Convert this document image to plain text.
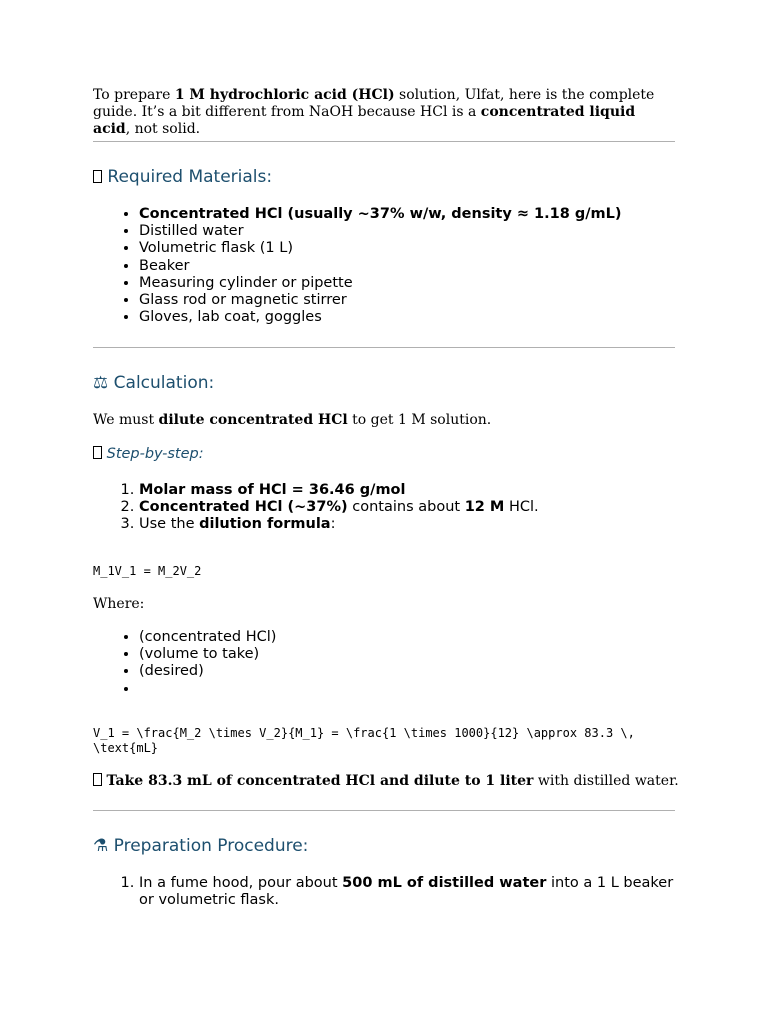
To prepare 1 M hydrochloric acid (HCl) solution, Ulfat, here is the complete guide. It’s a bit different from NaOH because HCl is a concentrated liquid acid, not solid.

Required Materials:
• Concentrated HCl (usually ~37% w/w, density ≈ 1.18 g/mL)
• Distilled water
• Volumetric flask (1 L)
• Beaker
• Measuring cylinder or pipette
• Glass rod or magnetic stirrer
• Gloves, lab coat, goggles
⚖ Calculation:
We must dilute concentrated HCl to get 1 M solution.
Step-by-step:
1. Molar mass of HCl = 36.46 g/mol
2. Concentrated HCl (~37%) contains about 12 M HCl.
3. Use the dilution formula:
M_1V_1 = M_2V_2
Where:
• (concentrated HCl)
• (volume to take)
• (desired)
•
V_1 = \frac{M_2 \times V_2}{M_1} = \frac{1 \times 1000}{12} \approx 83.3 \,
\text{mL}
Take 83.3 mL of concentrated HCl and dilute to 1 liter with distilled water.
⚗ Preparation Procedure:
1. In a fume hood, pour about 500 mL of distilled water into a 1 L beaker or volumetric flask.
